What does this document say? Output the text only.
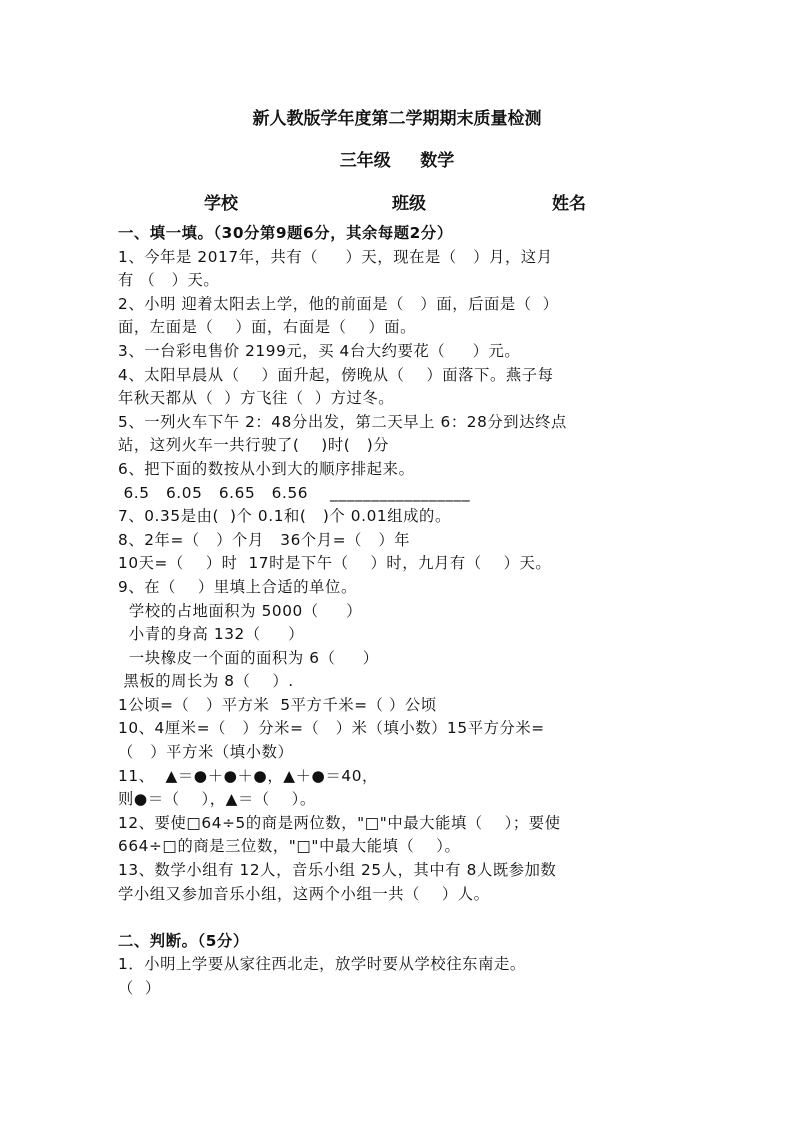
新人教版学年度第二学期期末质量检测
三年级     数学
学校	班级	姓名
一、填一填。（30分第9题6分，其余每题2分）
1、今年是 2017年，共有（     ）天，现在是（   ）月，这月
有 （   ）天。
2、小明 迎着太阳去上学，他的前面是（   ）面，后面是（  ）
面，左面是（    ）面，右面是（    ）面。
3、一台彩电售价 2199元，买 4台大约要花（     ）元。
4、太阳早晨从（    ）面升起，傍晚从（    ）面落下。燕子每
年秋天都从（  ）方飞往（  ）方过冬。
5、一列火车下午 2：48分出发，第二天早上 6：28分到达终点
站，这列火车一共行驶了(    )时(   )分
6、把下面的数按从小到大的顺序排起来。
6.5   6.05   6.65   6.56    _________________
7、0.35是由(  )个 0.1和(   )个 0.01组成的。
8、2年=（   ）个月   36个月=（   ）年
10天=（    ）时  17时是下午（    ）时，九月有（    ）天。
9、在（    ）里填上合适的单位。
学校的占地面积为 5000（     ）
小青的身高 132（     ）
一块橡皮一个面的面积为 6（     ）
黑板的周长为 8（    ）.
1公顷=（   ）平方米  5平方千米=（ ）公顷
10、4厘米=（   ）分米=（   ）米（填小数）15平方分米=
（   ）平方米（填小数）
11、  ▲＝●＋●＋●，▲＋●＝40，
则●＝（    ），▲＝（    ）。
12、要使□64÷5的商是两位数，"□"中最大能填（    ）；要使
664÷□的商是三位数，"□"中最大能填（    ）。
13、数学小组有 12人，音乐小组 25人，其中有 8人既参加数
学小组又参加音乐小组，这两个小组一共（    ）人。
二、判断。（5分）
1．小明上学要从家往西北走，放学时要从学校往东南走。
（  ）
